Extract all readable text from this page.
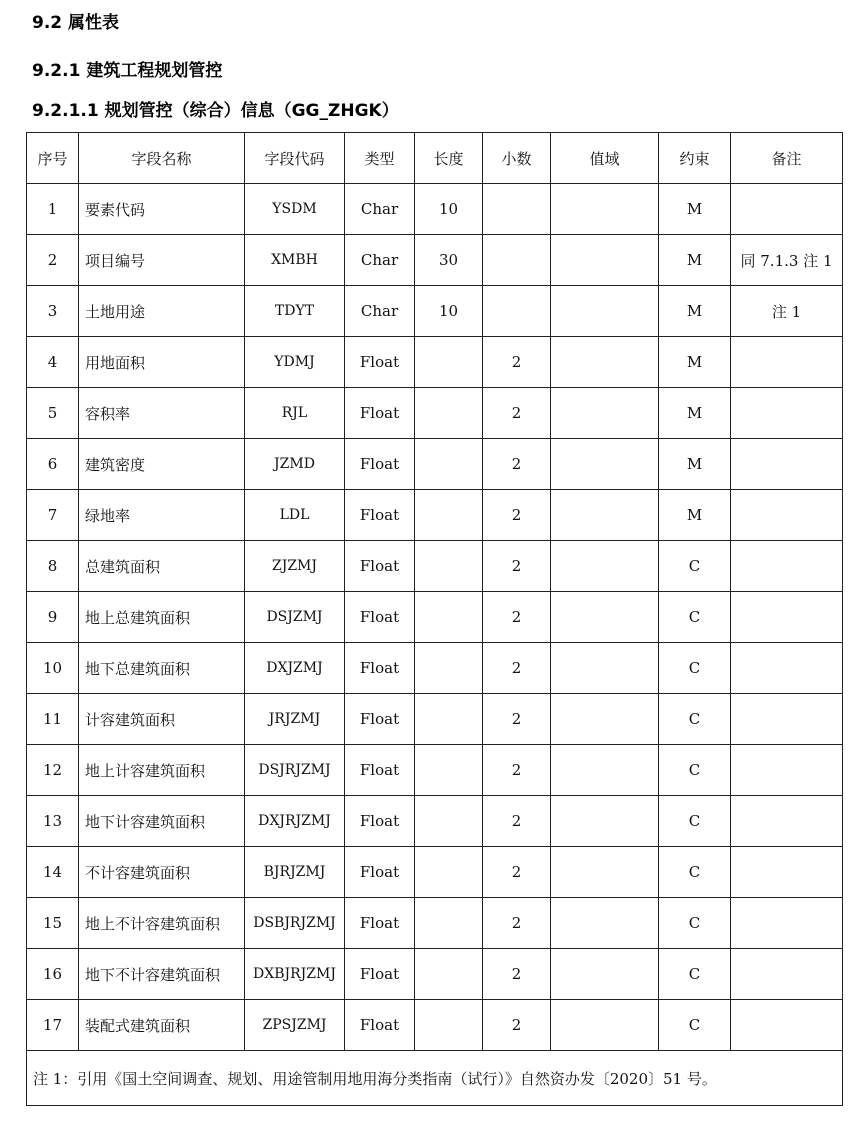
9.2 属性表
9.2.1 建筑工程规划管控
9.2.1.1 规划管控（综合）信息（GG_ZHGK）
序号	字段名称	字段代码	类型	长度	小数	值域	约束	备注
1	要素代码	YSDM	Char	10			M	
2	项目编号	XMBH	Char	30			M	同 7.1.3 注 1
3	土地用途	TDYT	Char	10			M	注 1
4	用地面积	YDMJ	Float		2		M	
5	容积率	RJL	Float		2		M	
6	建筑密度	JZMD	Float		2		M	
7	绿地率	LDL	Float		2		M	
8	总建筑面积	ZJZMJ	Float		2		C	
9	地上总建筑面积	DSJZMJ	Float		2		C	
10	地下总建筑面积	DXJZMJ	Float		2		C	
11	计容建筑面积	JRJZMJ	Float		2		C	
12	地上计容建筑面积	DSJRJZMJ	Float		2		C	
13	地下计容建筑面积	DXJRJZMJ	Float		2		C	
14	不计容建筑面积	BJRJZMJ	Float		2		C	
15	地上不计容建筑面积	DSBJRJZMJ	Float		2		C	
16	地下不计容建筑面积	DXBJRJZMJ	Float		2		C	
17	装配式建筑面积	ZPSJZMJ	Float		2		C	
注 1：引用《国土空间调查、规划、用途管制用地用海分类指南（试行）》自然资办发〔2020〕51 号。								
